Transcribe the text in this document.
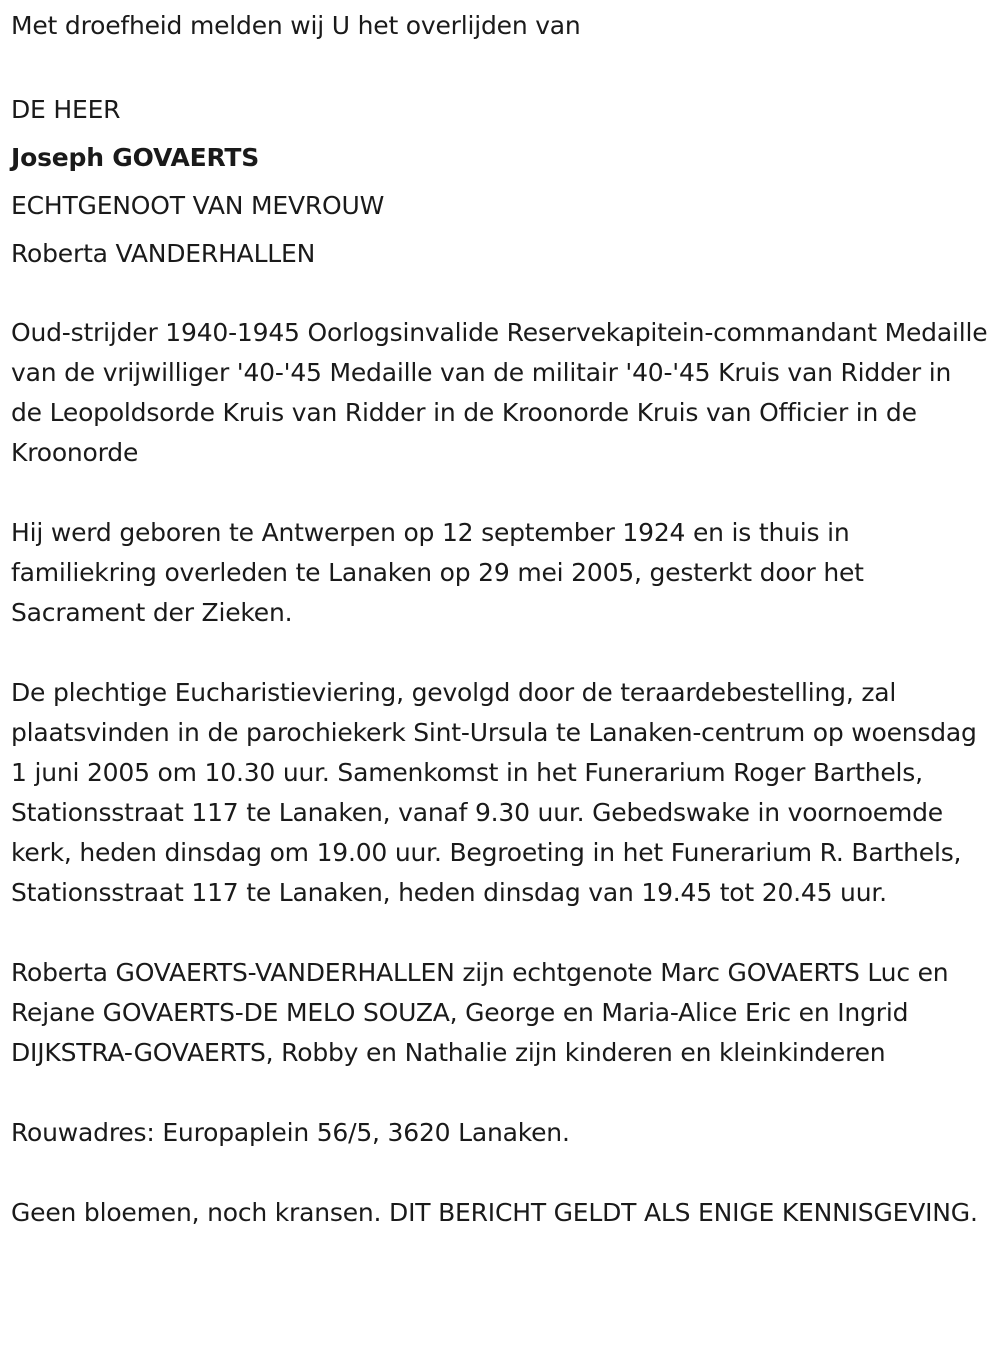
Met droefheid melden wij U het overlijden van

DE HEER

Joseph GOVAERTS

ECHTGENOOT VAN MEVROUW

Roberta VANDERHALLEN

Oud-strijder 1940-1945 Oorlogsinvalide Reservekapitein-commandant Medaille van de vrijwilliger '40-'45 Medaille van de militair '40-'45 Kruis van Ridder in de Leopoldsorde Kruis van Ridder in de Kroonorde Kruis van Officier in de Kroonorde

Hij werd geboren te Antwerpen op 12 september 1924 en is thuis in familiekring overleden te Lanaken op 29 mei 2005, gesterkt door het Sacrament der Zieken.

De plechtige Eucharistieviering, gevolgd door de teraardebestelling, zal plaatsvinden in de parochiekerk Sint-Ursula te Lanaken-centrum op woensdag 1 juni 2005 om 10.30 uur. Samenkomst in het Funerarium Roger Barthels, Stationsstraat 117 te Lanaken, vanaf 9.30 uur. Gebedswake in voornoemde kerk, heden dinsdag om 19.00 uur. Begroeting in het Funerarium R. Barthels, Stationsstraat 117 te Lanaken, heden dinsdag van 19.45 tot 20.45 uur.

Roberta GOVAERTS-VANDERHALLEN zijn echtgenote Marc GOVAERTS Luc en Rejane GOVAERTS-DE MELO SOUZA, George en Maria-Alice Eric en Ingrid DIJKSTRA-GOVAERTS, Robby en Nathalie zijn kinderen en kleinkinderen

Rouwadres: Europaplein 56/5, 3620 Lanaken.

Geen bloemen, noch kransen. DIT BERICHT GELDT ALS ENIGE KENNISGEVING.
